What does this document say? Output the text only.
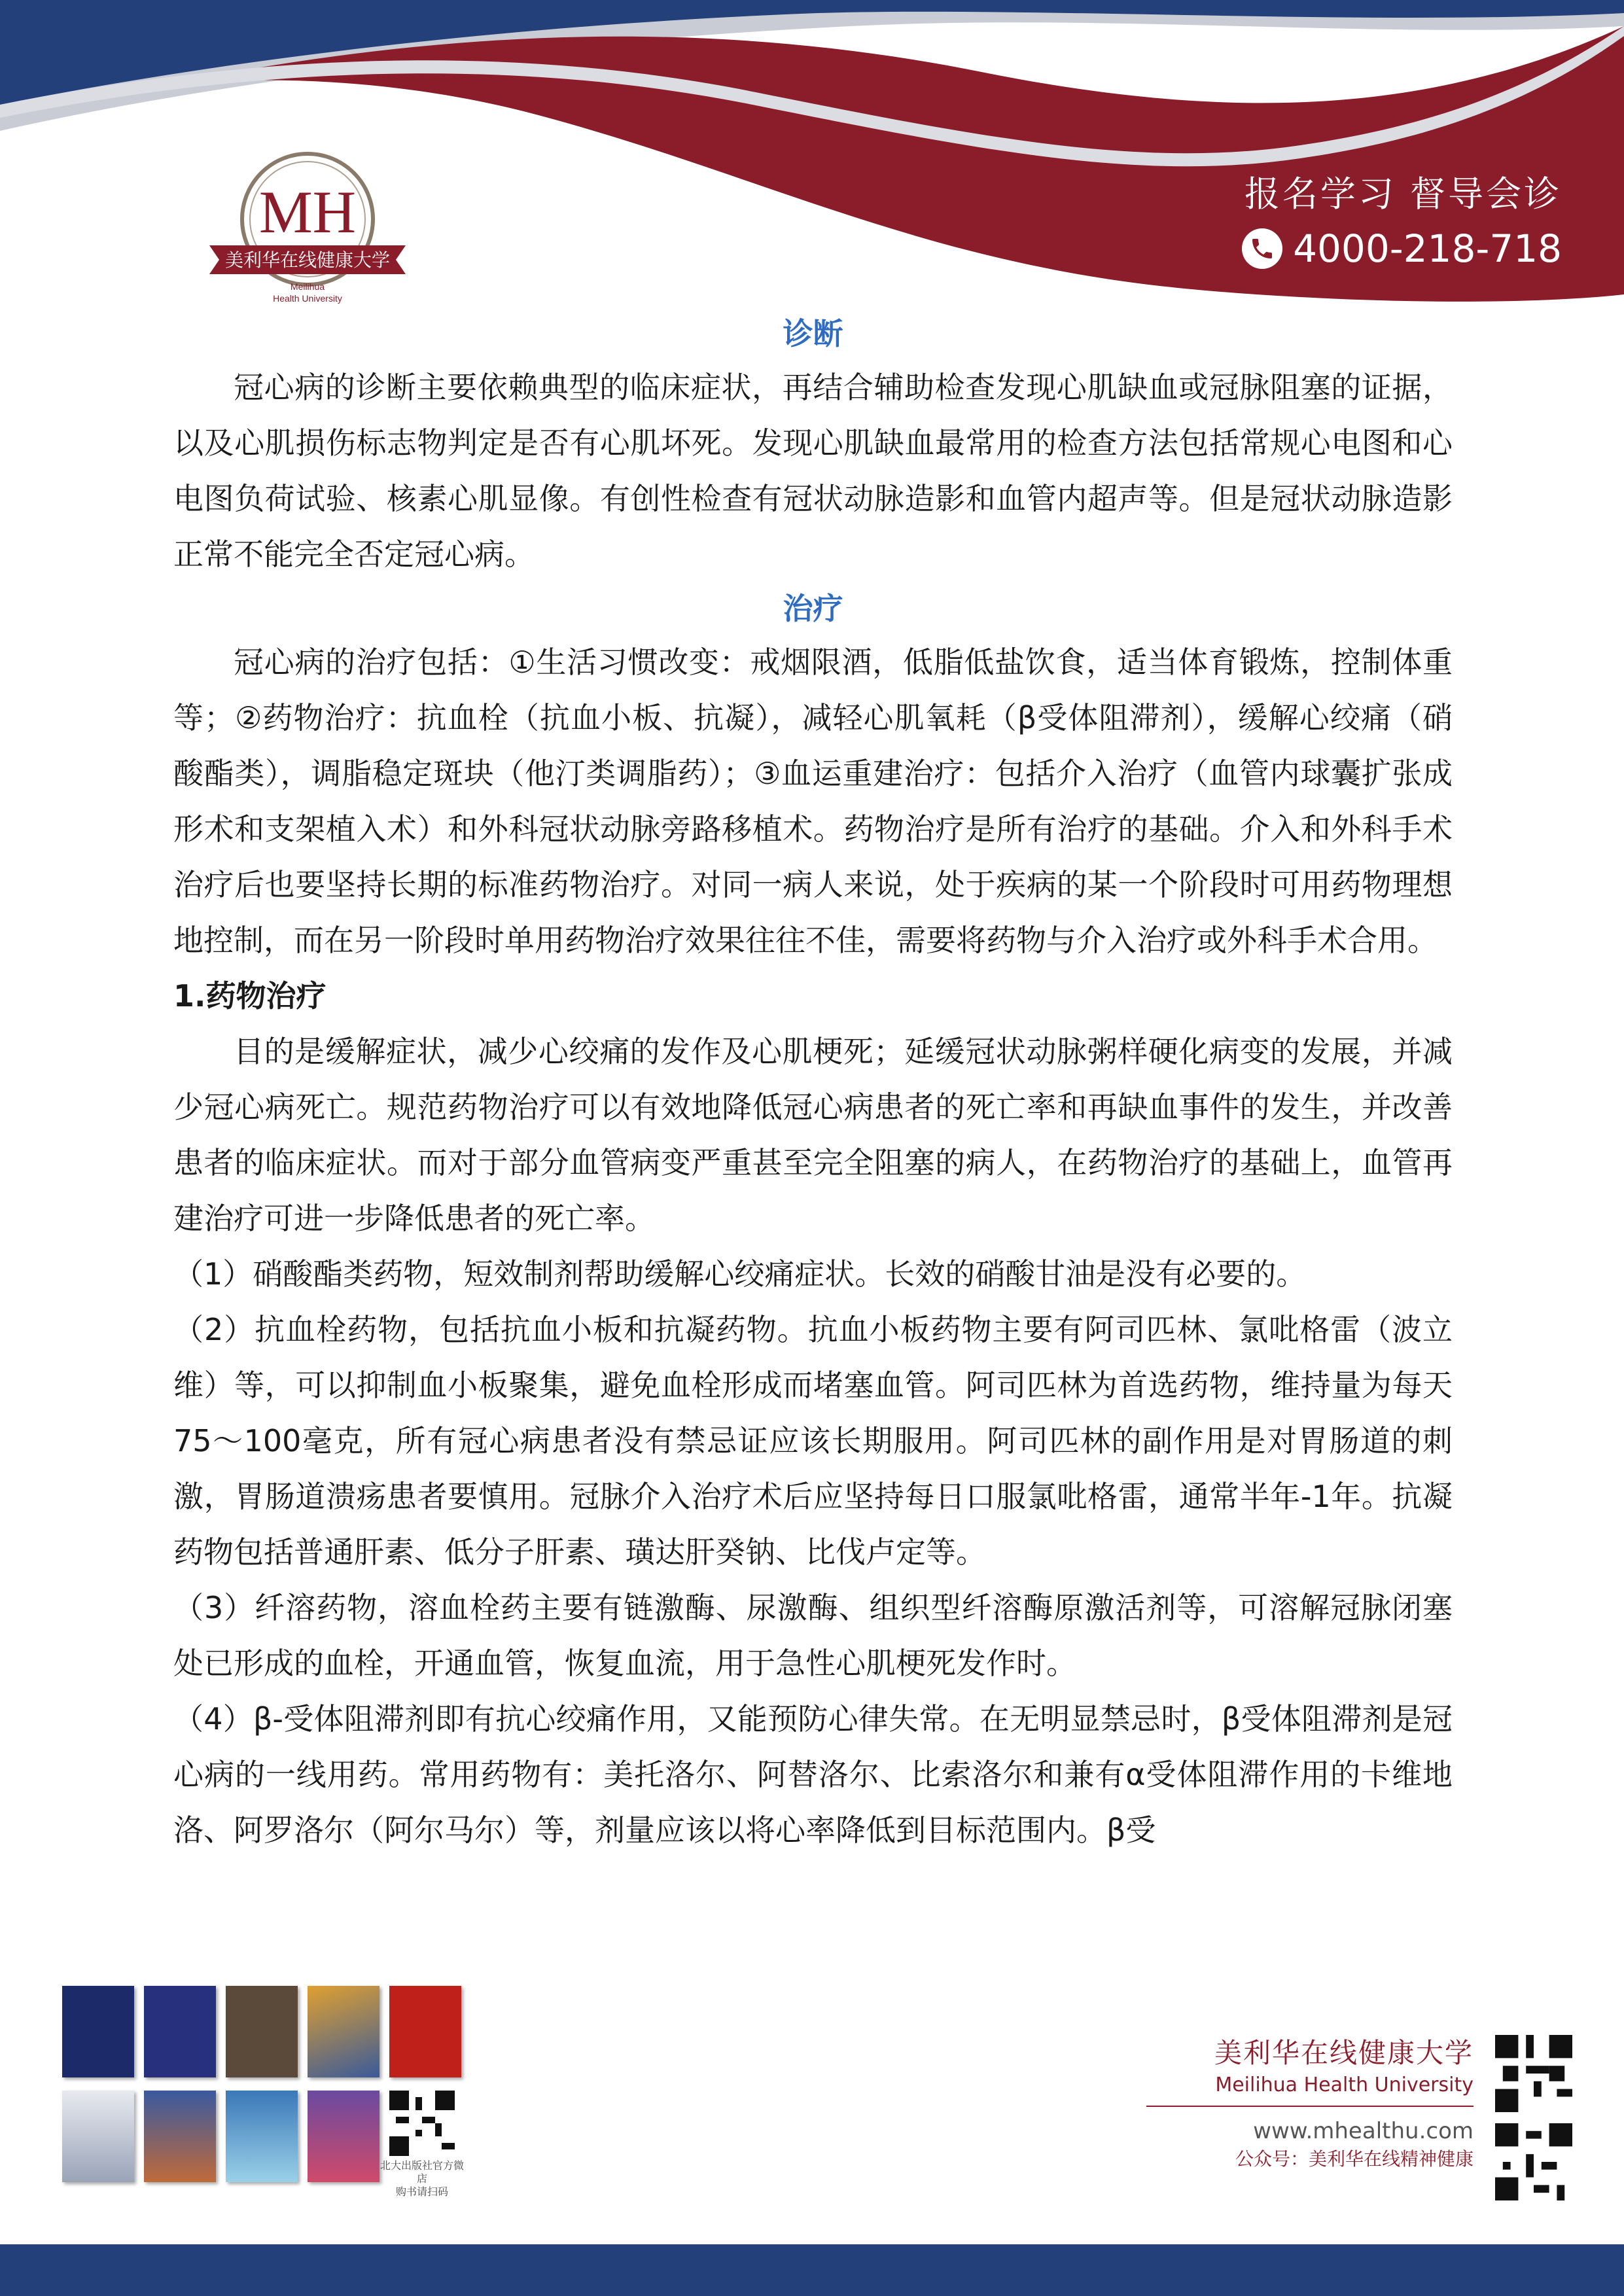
MH
美利华在线健康大学
Meilihua
Health University
报名学习 督导会诊
4000-218-718
诊断

冠心病的诊断主要依赖典型的临床症状，再结合辅助检查发现心肌缺血或冠脉阻塞的证据，以及心肌损伤标志物判定是否有心肌坏死。发现心肌缺血最常用的检查方法包括常规心电图和心电图负荷试验、核素心肌显像。有创性检查有冠状动脉造影和血管内超声等。但是冠状动脉造影正常不能完全否定冠心病。

治疗

冠心病的治疗包括：①生活习惯改变：戒烟限酒，低脂低盐饮食，适当体育锻炼，控制体重等；②药物治疗：抗血栓（抗血小板、抗凝），减轻心肌氧耗（β受体阻滞剂），缓解心绞痛（硝酸酯类），调脂稳定斑块（他汀类调脂药）；③血运重建治疗：包括介入治疗（血管内球囊扩张成形术和支架植入术）和外科冠状动脉旁路移植术。药物治疗是所有治疗的基础。介入和外科手术治疗后也要坚持长期的标准药物治疗。对同一病人来说，处于疾病的某一个阶段时可用药物理想地控制，而在另一阶段时单用药物治疗效果往往不佳，需要将药物与介入治疗或外科手术合用。

1.药物治疗

目的是缓解症状，减少心绞痛的发作及心肌梗死；延缓冠状动脉粥样硬化病变的发展，并减少冠心病死亡。规范药物治疗可以有效地降低冠心病患者的死亡率和再缺血事件的发生，并改善患者的临床症状。而对于部分血管病变严重甚至完全阻塞的病人，在药物治疗的基础上，血管再建治疗可进一步降低患者的死亡率。

（1）硝酸酯类药物，短效制剂帮助缓解心绞痛症状。长效的硝酸甘油是没有必要的。

（2）抗血栓药物，包括抗血小板和抗凝药物。抗血小板药物主要有阿司匹林、氯吡格雷（波立维）等，可以抑制血小板聚集，避免血栓形成而堵塞血管。阿司匹林为首选药物，维持量为每天75～100毫克，所有冠心病患者没有禁忌证应该长期服用。阿司匹林的副作用是对胃肠道的刺激，胃肠道溃疡患者要慎用。冠脉介入治疗术后应坚持每日口服氯吡格雷，通常半年-1年。抗凝药物包括普通肝素、低分子肝素、璜达肝癸钠、比伐卢定等。

（3）纤溶药物，溶血栓药主要有链激酶、尿激酶、组织型纤溶酶原激活剂等，可溶解冠脉闭塞处已形成的血栓，开通血管，恢复血流，用于急性心肌梗死发作时。

（4）β-受体阻滞剂即有抗心绞痛作用，又能预防心律失常。在无明显禁忌时，β受体阻滞剂是冠心病的一线用药。常用药物有：美托洛尔、阿替洛尔、比索洛尔和兼有α受体阻滞作用的卡维地洛、阿罗洛尔（阿尔马尔）等，剂量应该以将心率降低到目标范围内。β受

北大出版社官方微店
购书请扫码
美利华在线健康大学
Meilihua Health University
www.mhealthu.com
公众号：美利华在线精神健康
